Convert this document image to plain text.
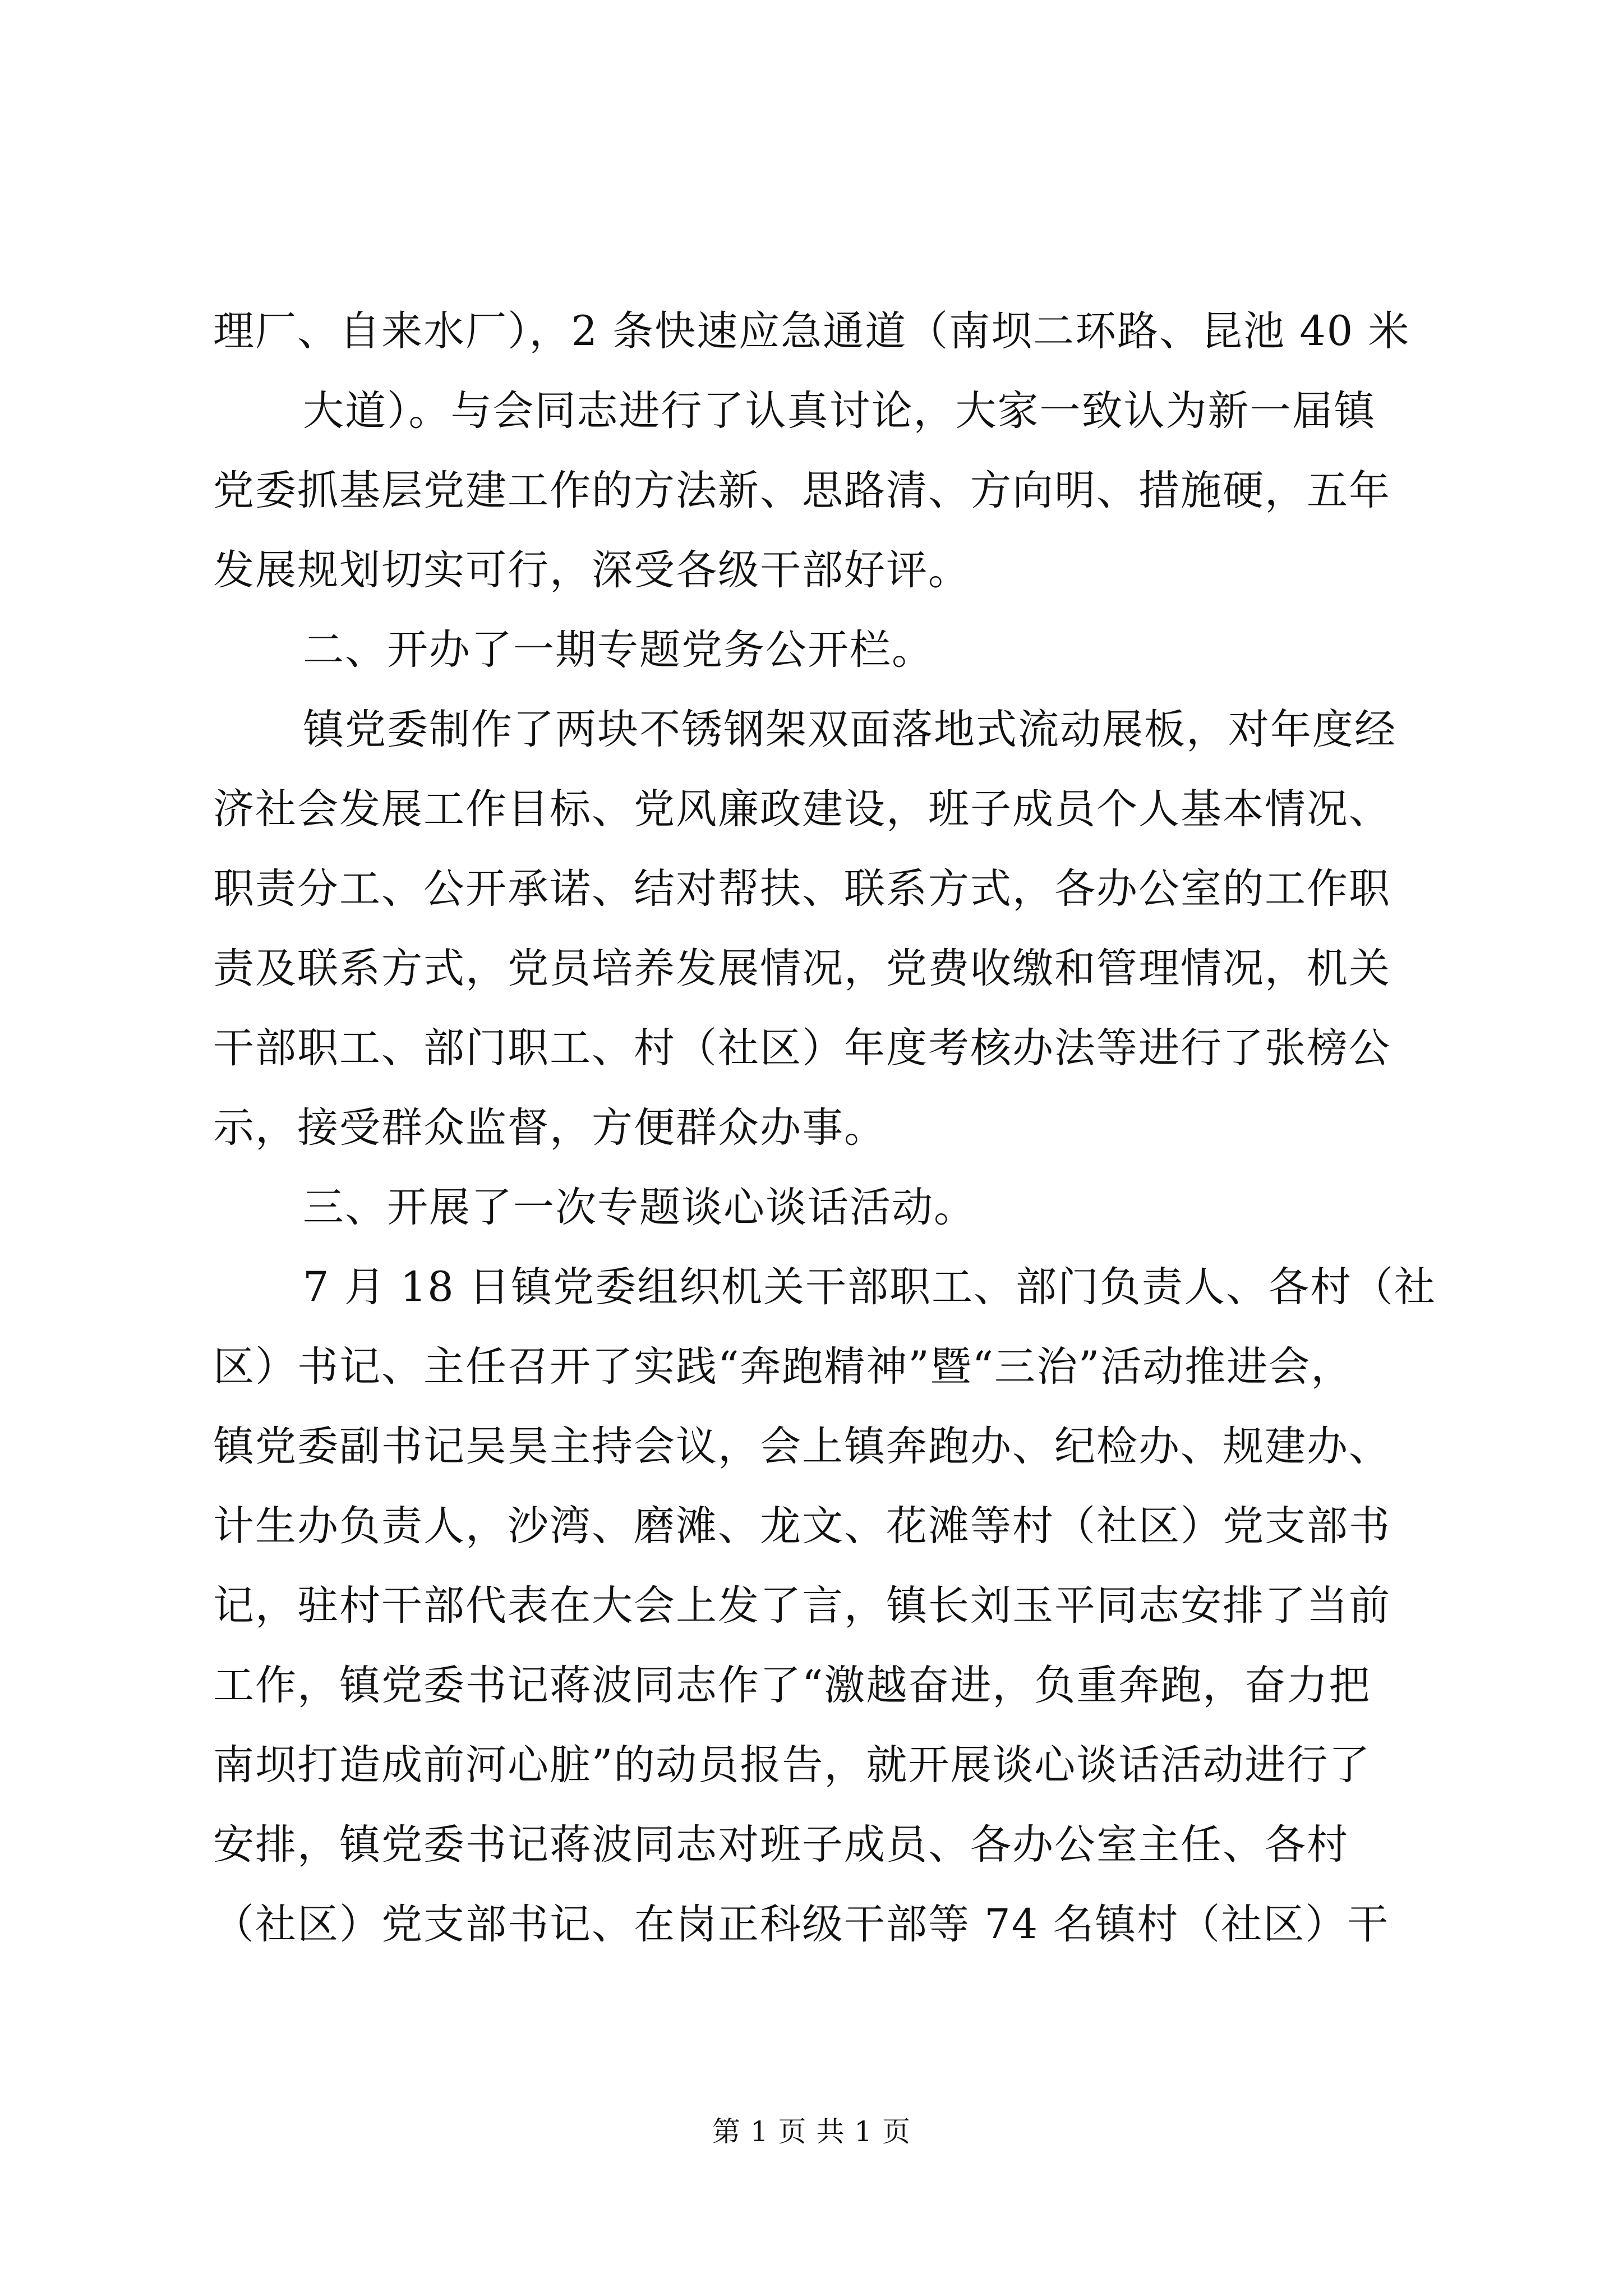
理厂、自来水厂），2 条快速应急通道（南坝二环路、昆池 40 米
大道）。与会同志进行了认真讨论，大家一致认为新一届镇
党委抓基层党建工作的方法新、思路清、方向明、措施硬，五年
发展规划切实可行，深受各级干部好评。
二、开办了一期专题党务公开栏。
镇党委制作了两块不锈钢架双面落地式流动展板，对年度经
济社会发展工作目标、党风廉政建设，班子成员个人基本情况、
职责分工、公开承诺、结对帮扶、联系方式，各办公室的工作职
责及联系方式，党员培养发展情况，党费收缴和管理情况，机关
干部职工、部门职工、村（社区）年度考核办法等进行了张榜公
示，接受群众监督，方便群众办事。
三、开展了一次专题谈心谈话活动。
7 月 18 日镇党委组织机关干部职工、部门负责人、各村（社
区）书记、主任召开了实践“奔跑精神”暨“三治”活动推进会，
镇党委副书记吴昊主持会议，会上镇奔跑办、纪检办、规建办、
计生办负责人，沙湾、磨滩、龙文、花滩等村（社区）党支部书
记，驻村干部代表在大会上发了言，镇长刘玉平同志安排了当前
工作，镇党委书记蒋波同志作了“激越奋进，负重奔跑，奋力把
南坝打造成前河心脏”的动员报告，就开展谈心谈话活动进行了
安排，镇党委书记蒋波同志对班子成员、各办公室主任、各村
（社区）党支部书记、在岗正科级干部等 74 名镇村（社区）干
第 1 页 共 1 页
